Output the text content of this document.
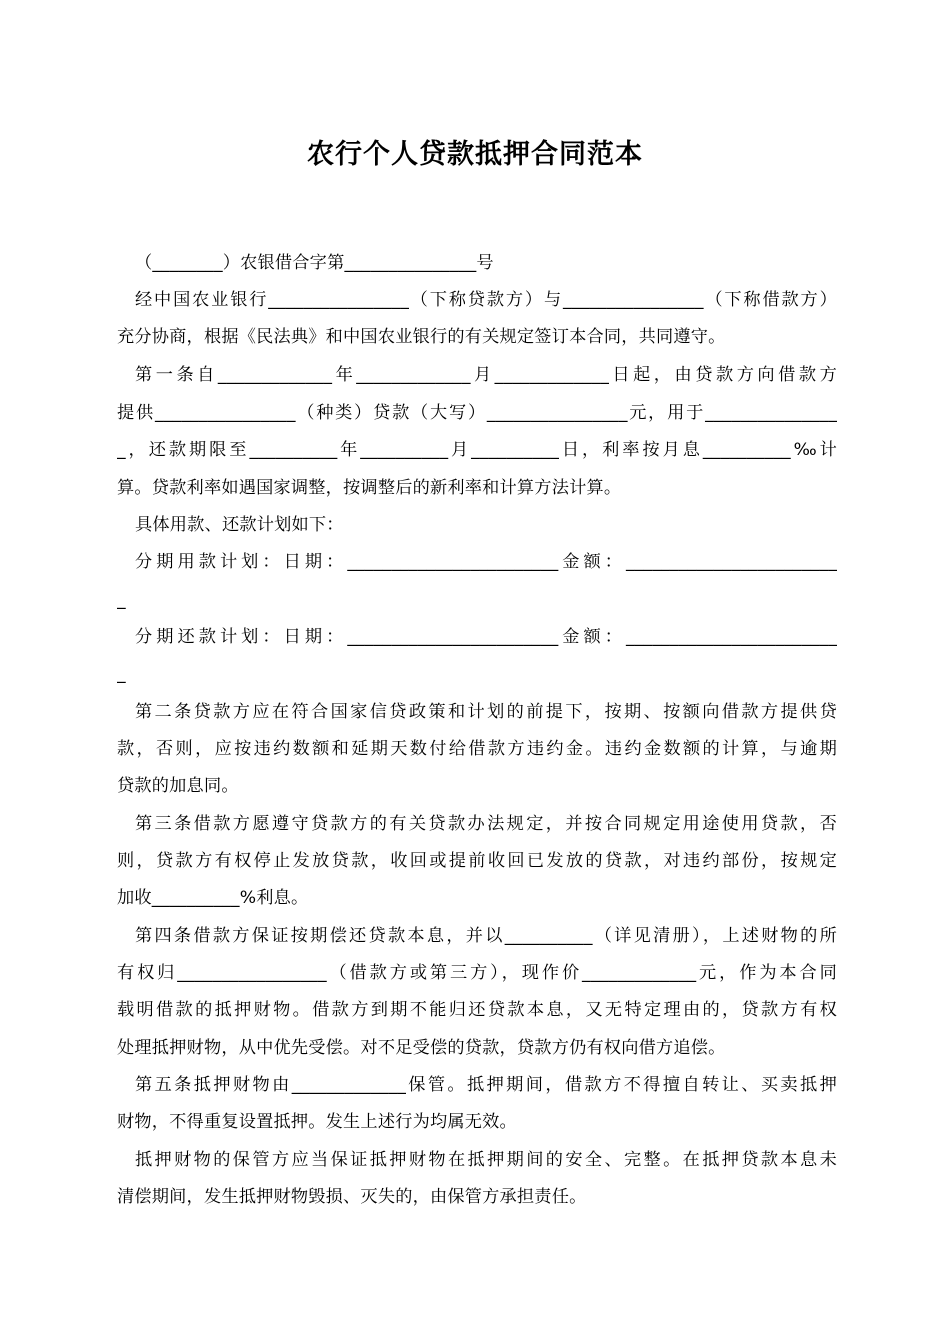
农行个人贷款抵押合同范本
（________）农银借合字第_______________号
经中国农业银行________________（下称贷款方）与________________（下称借款方）
充分协商，根据《民法典》和中国农业银行的有关规定签订本合同，共同遵守。
第一条自_____________年_____________月_____________日起，由贷款方向借款方
提供________________（种类）贷款（大写）________________元，用于_______________
_，还款期限至__________年__________月__________日，利率按月息__________‰计
算。贷款利率如遇国家调整，按调整后的新利率和计算方法计算。
具体用款、还款计划如下：
分期用款计划：日期：________________________金额：________________________
_
分期还款计划：日期：________________________金额：________________________
_
第二条贷款方应在符合国家信贷政策和计划的前提下，按期、按额向借款方提供贷
款，否则，应按违约数额和延期天数付给借款方违约金。违约金数额的计算，与逾期
贷款的加息同。
第三条借款方愿遵守贷款方的有关贷款办法规定，并按合同规定用途使用贷款，否
则，贷款方有权停止发放贷款，收回或提前收回已发放的贷款，对违约部份，按规定
加收__________%利息。
第四条借款方保证按期偿还贷款本息，并以__________（详见清册），上述财物的所
有权归_________________（借款方或第三方），现作价_____________元，作为本合同
载明借款的抵押财物。借款方到期不能归还贷款本息，又无特定理由的，贷款方有权
处理抵押财物，从中优先受偿。对不足受偿的贷款，贷款方仍有权向借方追偿。
第五条抵押财物由_____________保管。抵押期间，借款方不得擅自转让、买卖抵押
财物，不得重复设置抵押。发生上述行为均属无效。
抵押财物的保管方应当保证抵押财物在抵押期间的安全、完整。在抵押贷款本息未
清偿期间，发生抵押财物毁损、灭失的，由保管方承担责任。
